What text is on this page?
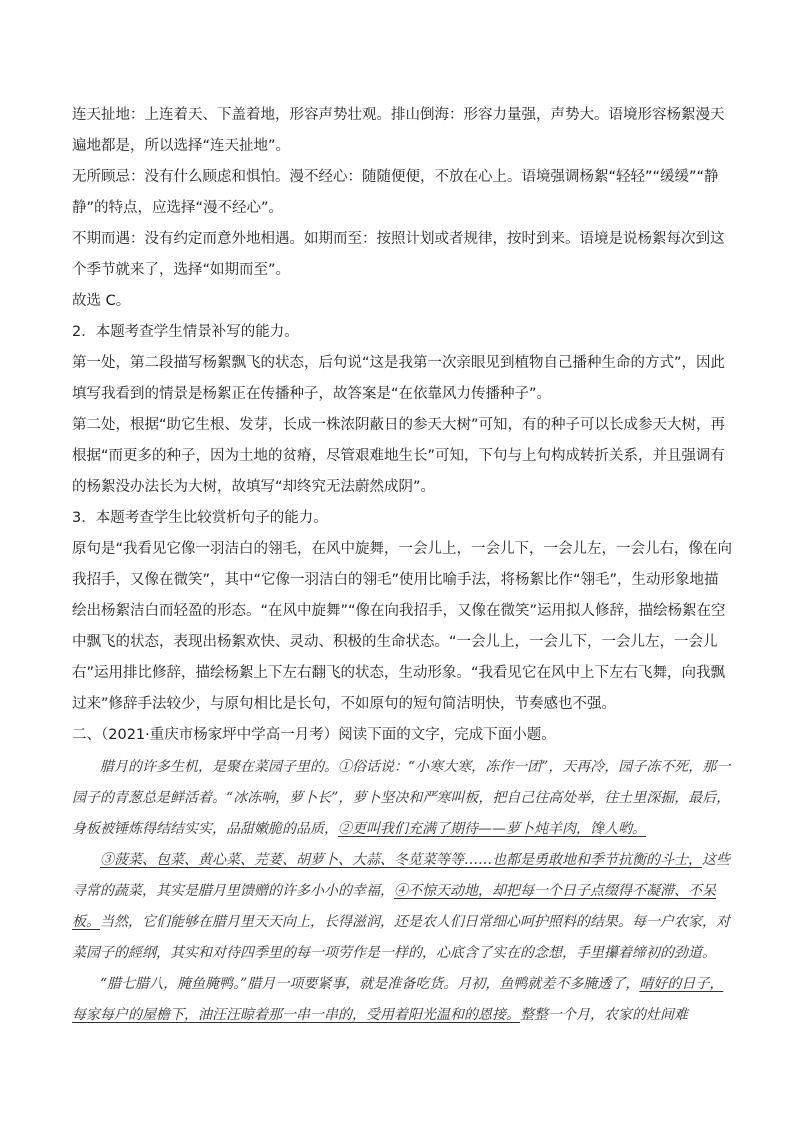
连天扯地：上连着天、下盖着地，形容声势壮观。排山倒海：形容力量强，声势大。语境形容杨絮漫天遍地都是，所以选择“连天扯地”。

无所顾忌：没有什么顾虑和惧怕。漫不经心：随随便便，不放在心上。语境强调杨絮“轻轻”“缓缓”“静静”的特点，应选择“漫不经心”。

不期而遇：没有约定而意外地相遇。如期而至：按照计划或者规律，按时到来。语境是说杨絮每次到这个季节就来了，选择“如期而至”。

故选 C。

2．本题考查学生情景补写的能力。

第一处，第二段描写杨絮飘飞的状态，后句说“这是我第一次亲眼见到植物自己播种生命的方式”，因此填写我看到的情景是杨絮正在传播种子，故答案是“在依靠风力传播种子”。

第二处，根据“助它生根、发芽，长成一株浓阴蔽日的参天大树”可知，有的种子可以长成参天大树，再根据“而更多的种子，因为土地的贫瘠，尽管艰难地生长”可知，下句与上句构成转折关系，并且强调有的杨絮没办法长为大树，故填写“却终究无法蔚然成阴”。

3．本题考查学生比较赏析句子的能力。

原句是“我看见它像一羽洁白的翎毛，在风中旋舞，一会儿上，一会儿下，一会儿左，一会儿右，像在向我招手，又像在微笑”，其中“它像一羽洁白的翎毛”使用比喻手法，将杨絮比作“翎毛”，生动形象地描绘出杨絮洁白而轻盈的形态。“在风中旋舞”“像在向我招手，又像在微笑”运用拟人修辞，描绘杨絮在空中飘飞的状态，表现出杨絮欢快、灵动、积极的生命状态。“一会儿上，一会儿下，一会儿左，一会儿右”运用排比修辞，描绘杨絮上下左右翻飞的状态，生动形象。“我看见它在风中上下左右飞舞，向我飘过来”修辞手法较少，与原句相比是长句，不如原句的短句简洁明快，节奏感也不强。

二、（2021·重庆市杨家坪中学高一月考）阅读下面的文字，完成下面小题。

腊月的许多生机，是聚在菜园子里的。①俗话说：“小寒大寒，冻作一团”，天再冷，园子冻不死，那一园子的青葱总是鲜活着。“冰冻响，萝卜长”，萝卜坚决和严寒叫板，把自己往高处举，往土里深掘，最后，身板被锤炼得结结实实，品甜嫩脆的品质，②更叫我们充满了期待——萝卜炖羊肉，馋人哟。

③菠菜、包菜、黄心菜、芫荽、胡萝卜、大蒜、冬苋菜等等……也都是勇敢地和季节抗衡的斗士，这些寻常的蔬菜，其实是腊月里馈赠的许多小小的幸福，④不惊天动地，却把每一个日子点缀得不凝滞、不呆板。当然，它们能够在腊月里天天向上，长得滋润，还是农人们日常细心呵护照料的结果。每一户农家，对菜园子的經纲，其实和对待四季里的每一项劳作是一样的，心底含了实在的念想，手里攥着缔初的劲道。

“腊七腊八，腌鱼腌鸭。”腊月一项要紧事，就是准备吃货。月初，鱼鸭就差不多腌透了，晴好的日子，每家每户的屋檐下，油汪汪晾着那一串一串的，受用着阳光温和的恩接。整整一个月，农家的灶间难
